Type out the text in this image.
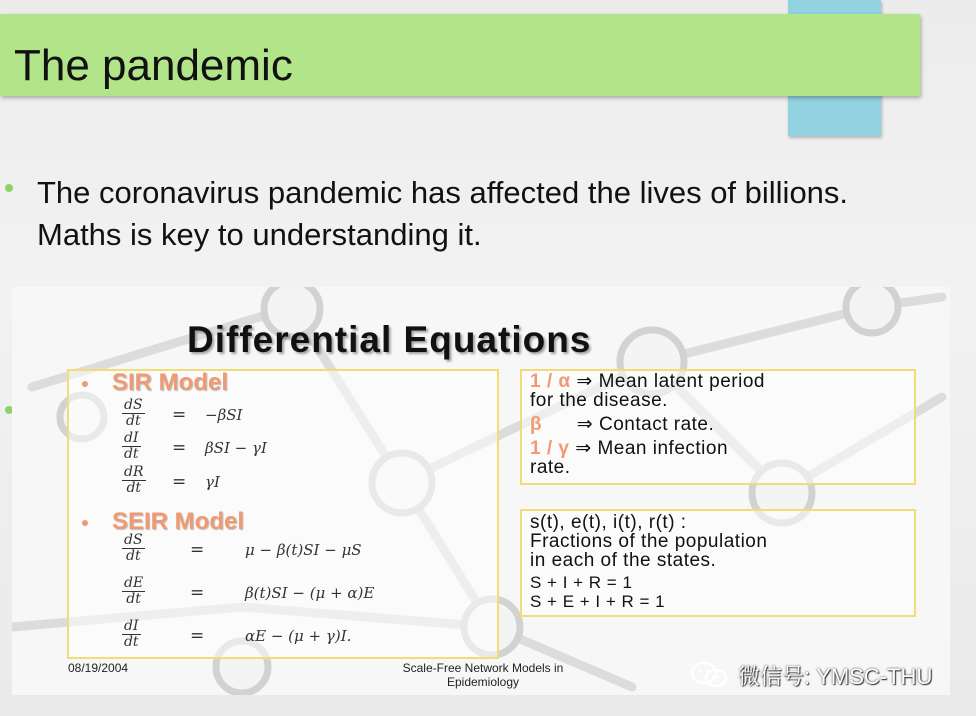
The pandemic
The coronavirus pandemic has affected the lives of billions.
Maths is key to understanding it.
Differential Equations
SIR Model
$\frac{dS}{dt} = -\beta SI$
$\frac{dI}{dt} = \beta SI - \gamma I$
$\frac{dR}{dt} = \gamma I$
SEIR Model
$\frac{dS}{dt}$	=	μ − β(t)SI − μS
$\frac{dE}{dt}$	=	β(t)SI − (μ + α)E
$\frac{dI}{dt}$	=	αE − (μ + γ)I.
1 / α ⇒ Mean latent period
for the disease.
β ⇒ Contact rate.
1 / γ ⇒ Mean infection
rate.
s(t), e(t), i(t), r(t) :
Fractions of the population
in each of the states.
S + I + R = 1
S + E + I + R = 1
08/19/2004	Scale-Free Network Models in
Epidemiology	微信号: YMSC-THU
